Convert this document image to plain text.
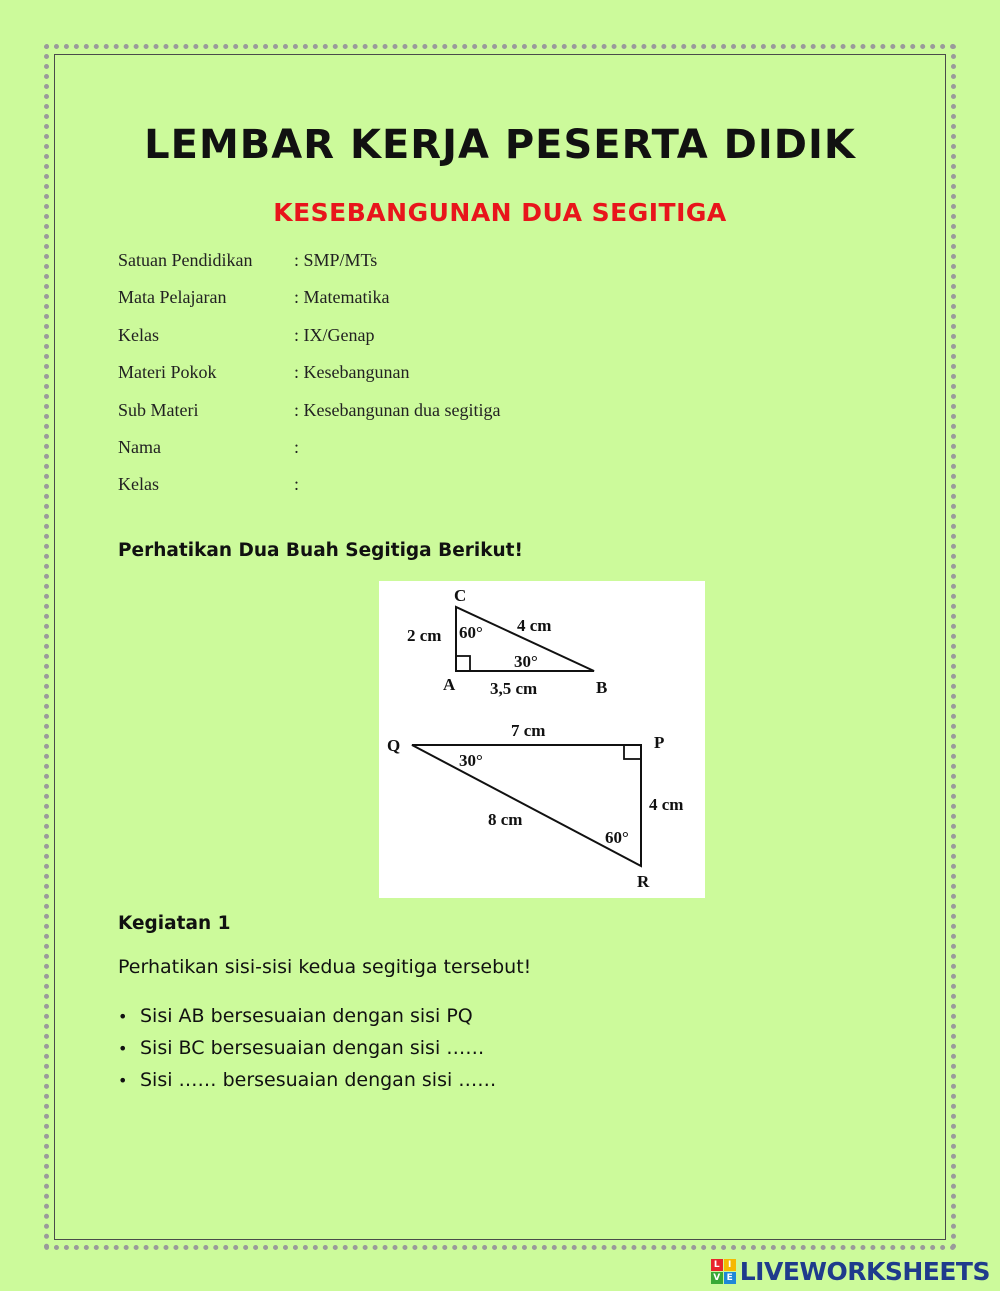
LEMBAR KERJA PESERTA DIDIK
KESEBANGUNAN DUA SEGITIGA
Satuan Pendidikan	: SMP/MTs
Mata Pelajaran	: Matematika
Kelas	: IX/Genap
Materi Pokok	: Kesebangunan
Sub Materi	: Kesebangunan dua segitiga
Nama	:
Kelas	:
Perhatikan Dua Buah Segitiga Berikut!
C
A	B
2 cm
4 cm
3,5 cm
60°
30°
Q	P
R
7 cm
4 cm
8 cm
30°
60°
Kegiatan 1
Perhatikan sisi-sisi kedua segitiga tersebut!
• Sisi AB bersesuaian dengan sisi PQ
• Sisi BC bersesuaian dengan sisi ……
• Sisi …… bersesuaian dengan sisi ……
L I
V E LIVEWORKSHEETS
